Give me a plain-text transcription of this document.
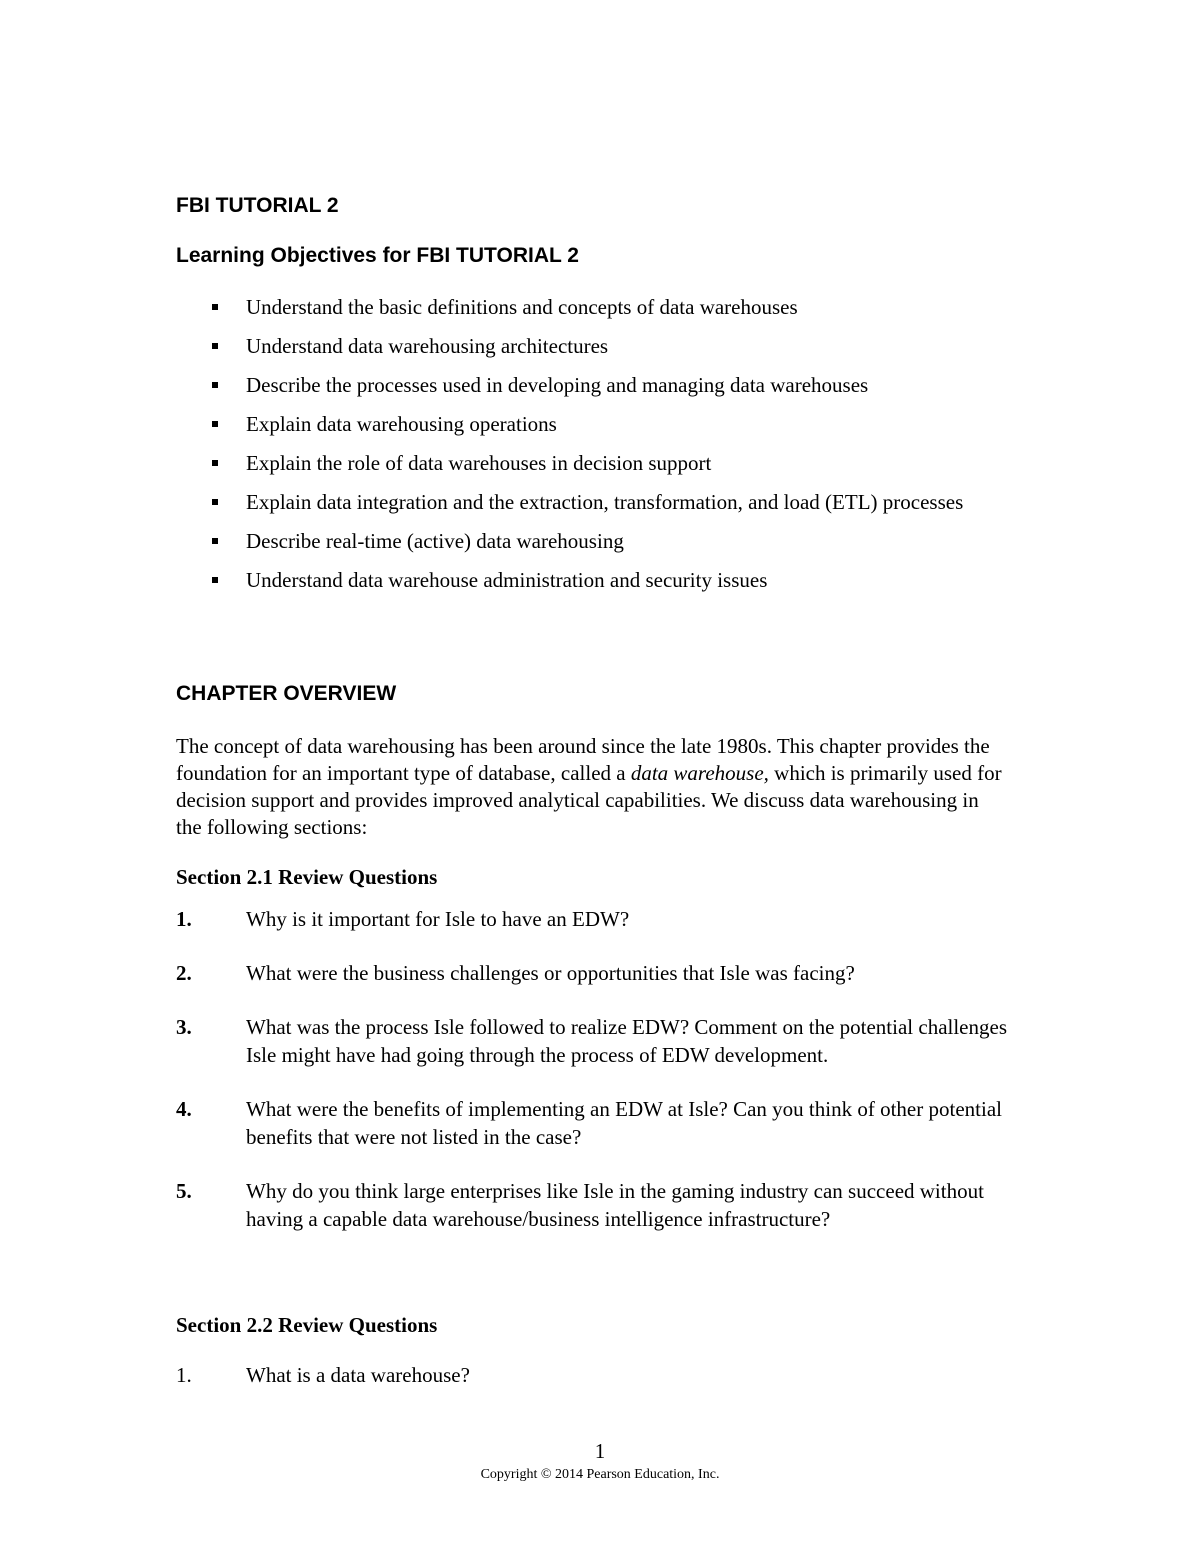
FBI TUTORIAL 2
Learning Objectives for FBI TUTORIAL 2
Understand the basic definitions and concepts of data warehouses
Understand data warehousing architectures
Describe the processes used in developing and managing data warehouses
Explain data warehousing operations
Explain the role of data warehouses in decision support
Explain data integration and the extraction, transformation, and load (ETL) processes
Describe real-time (active) data warehousing
Understand data warehouse administration and security issues
CHAPTER OVERVIEW

The concept of data warehousing has been around since the late 1980s. This chapter provides the foundation for an important type of database, called a data warehouse, which is primarily used for decision support and provides improved analytical capabilities. We discuss data warehousing in the following sections:

Section 2.1 Review Questions
1.	Why is it important for Isle to have an EDW?
2.	What were the business challenges or opportunities that Isle was facing?
3.	What was the process Isle followed to realize EDW? Comment on the potential challenges Isle might have had going through the process of EDW development.
4.	What were the benefits of implementing an EDW at Isle? Can you think of other potential benefits that were not listed in the case?
5.	Why do you think large enterprises like Isle in the gaming industry can succeed without having a capable data warehouse/business intelligence infrastructure?
Section 2.2 Review Questions
1.	What is a data warehouse?
1
Copyright © 2014 Pearson Education, Inc.
